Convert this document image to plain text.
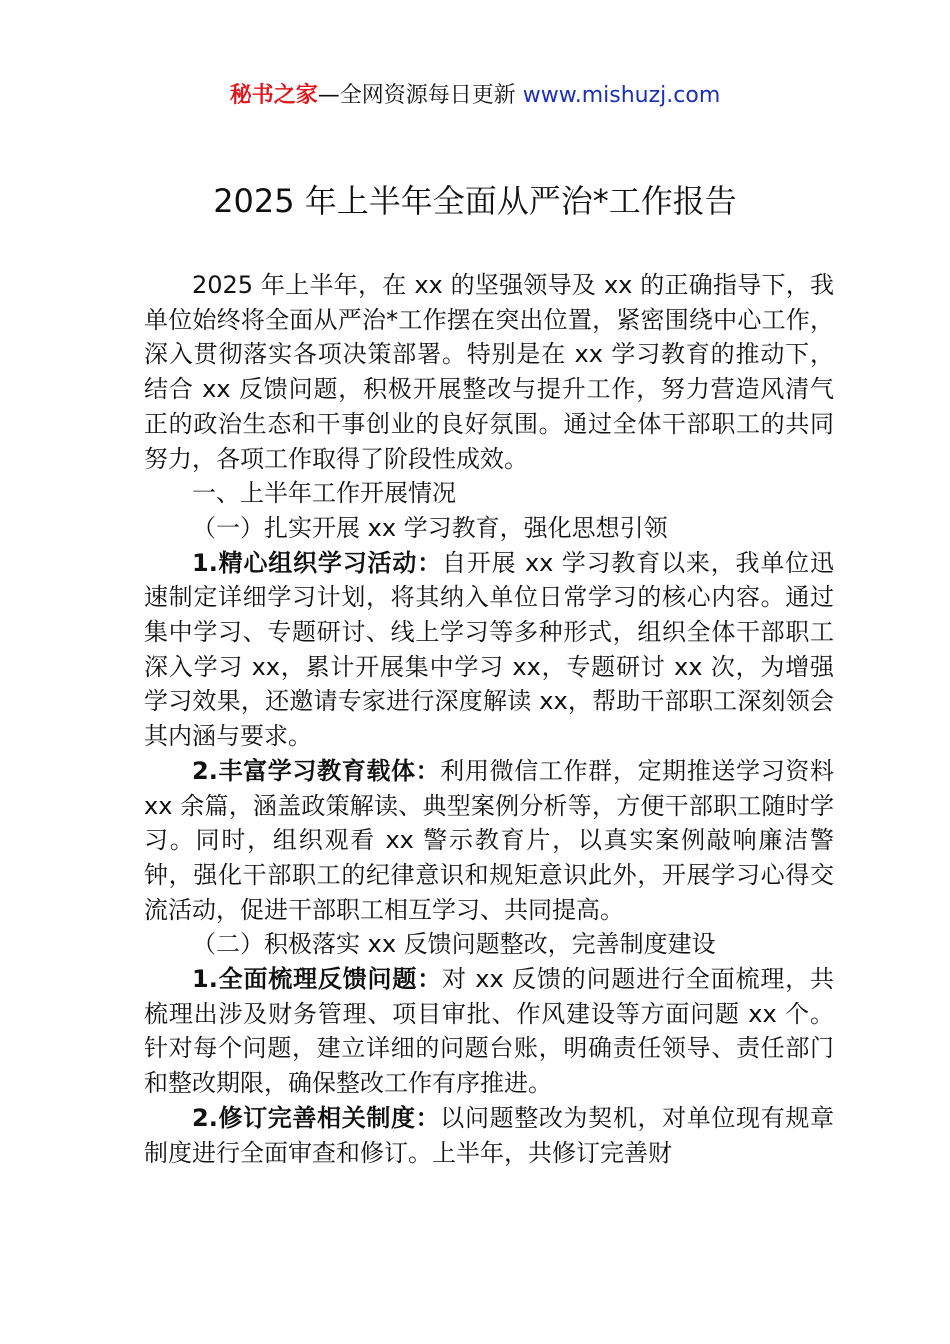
秘书之家—全网资源每日更新 www.mishuzj.com
2025 年上半年全面从严治*工作报告

2025 年上半年，在 xx 的坚强领导及 xx 的正确指导下，我单位始终将全面从严治*工作摆在突出位置，紧密围绕中心工作，深入贯彻落实各项决策部署。特别是在 xx 学习教育的推动下，结合 xx 反馈问题，积极开展整改与提升工作，努力营造风清气正的政治生态和干事创业的良好氛围。通过全体干部职工的共同努力，各项工作取得了阶段性成效。

一、上半年工作开展情况

（一）扎实开展 xx 学习教育，强化思想引领

1.精心组织学习活动：自开展 xx 学习教育以来，我单位迅速制定详细学习计划，将其纳入单位日常学习的核心内容。通过集中学习、专题研讨、线上学习等多种形式，组织全体干部职工深入学习 xx，累计开展集中学习 xx，专题研讨 xx 次，为增强学习效果，还邀请专家进行深度解读 xx，帮助干部职工深刻领会其内涵与要求。

2.丰富学习教育载体：利用微信工作群，定期推送学习资料 xx 余篇，涵盖政策解读、典型案例分析等，方便干部职工随时学习。同时，组织观看 xx 警示教育片，以真实案例敲响廉洁警钟，强化干部职工的纪律意识和规矩意识此外，开展学习心得交流活动，促进干部职工相互学习、共同提高。

（二）积极落实 xx 反馈问题整改，完善制度建设

1.全面梳理反馈问题：对 xx 反馈的问题进行全面梳理，共梳理出涉及财务管理、项目审批、作风建设等方面问题 xx 个。针对每个问题，建立详细的问题台账，明确责任领导、责任部门和整改期限，确保整改工作有序推进。

2.修订完善相关制度：以问题整改为契机，对单位现有规章制度进行全面审查和修订。上半年，共修订完善财
